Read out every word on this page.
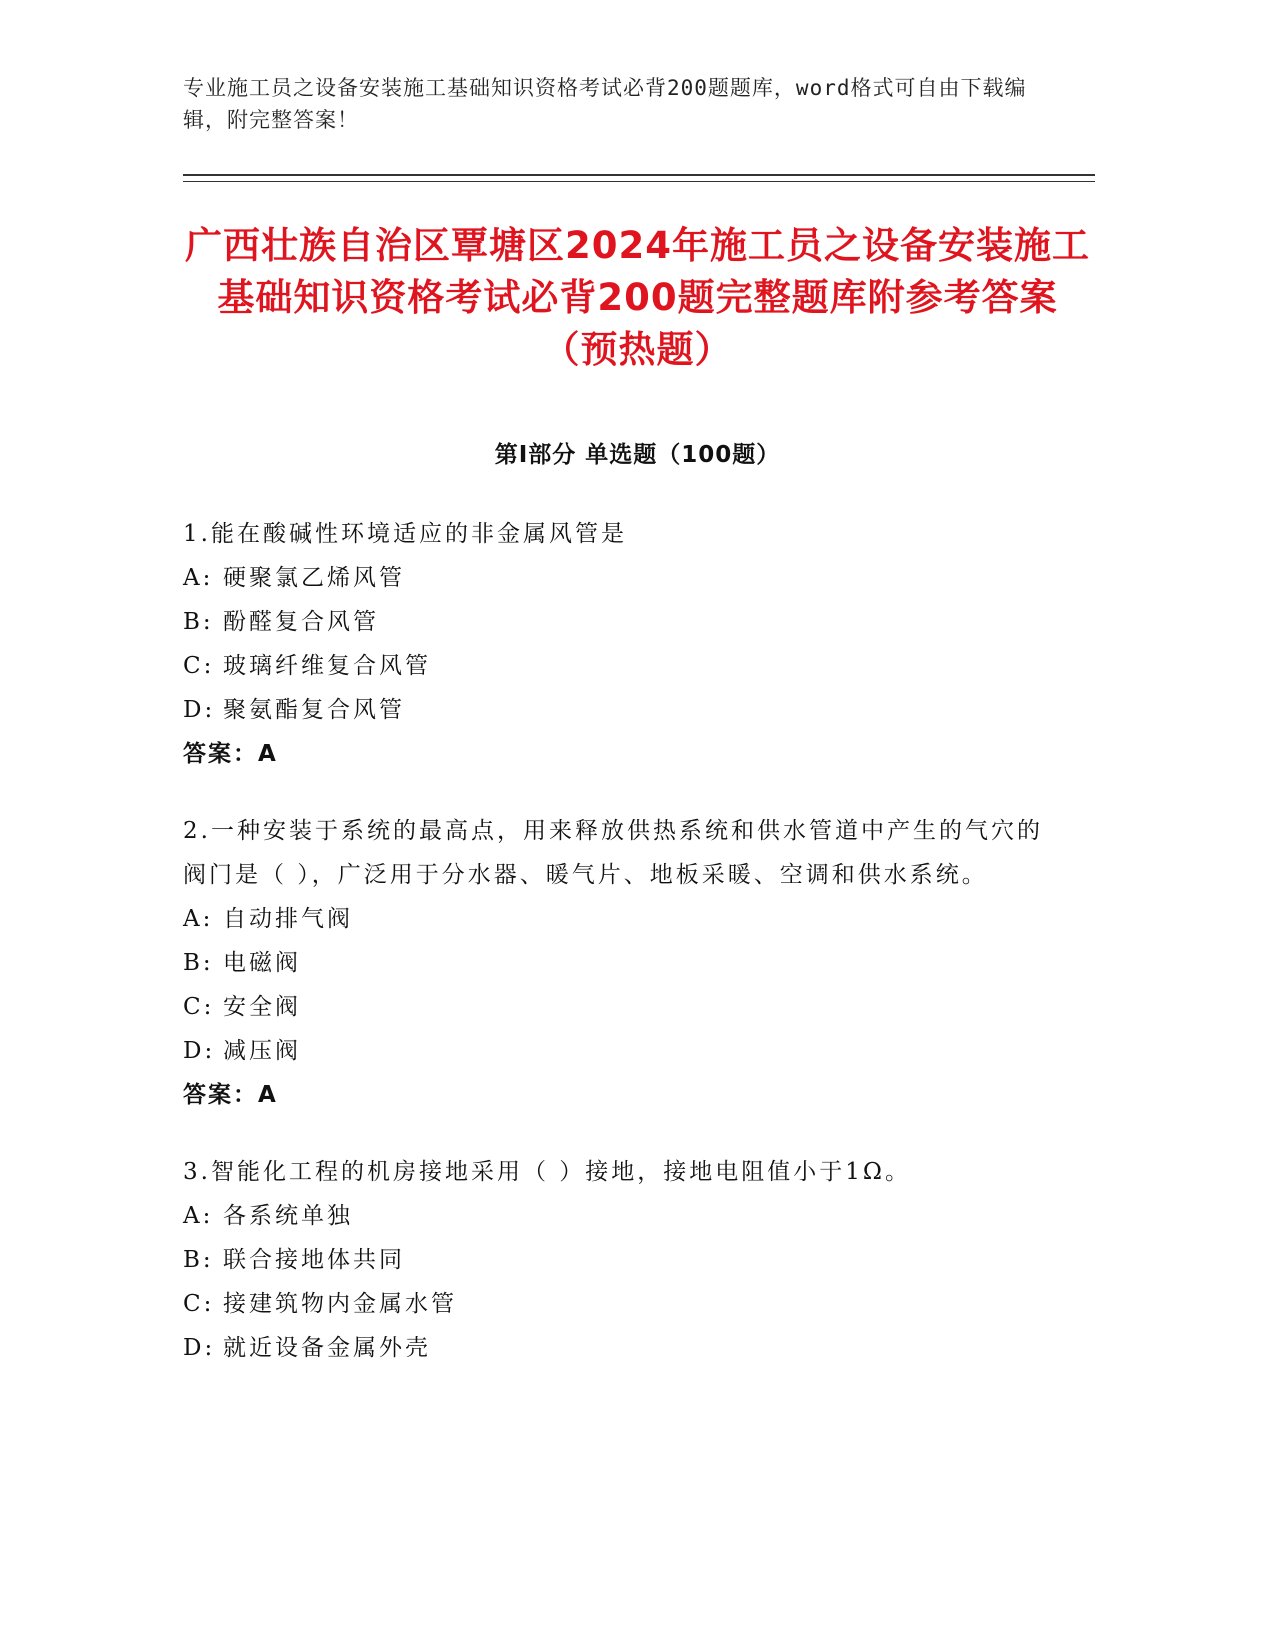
专业施工员之设备安装施工基础知识资格考试必背200题题库，word格式可自由下载编辑，附完整答案！
广西壮族自治区覃塘区2024年施工员之设备安装施工基础知识资格考试必背200题完整题库附参考答案（预热题）
第Ⅰ部分 单选题（100题）
1.能在酸碱性环境适应的非金属风管是
A: 硬聚氯乙烯风管
B: 酚醛复合风管
C: 玻璃纤维复合风管
D: 聚氨酯复合风管
答案：A
2.一种安装于系统的最高点，用来释放供热系统和供水管道中产生的气穴的阀门是（ ），广泛用于分水器、暖气片、地板采暖、空调和供水系统。
A: 自动排气阀
B: 电磁阀
C: 安全阀
D: 减压阀
答案：A
3.智能化工程的机房接地采用（ ）接地，接地电阻值小于1Ω。
A: 各系统单独
B: 联合接地体共同
C: 接建筑物内金属水管
D: 就近设备金属外壳
